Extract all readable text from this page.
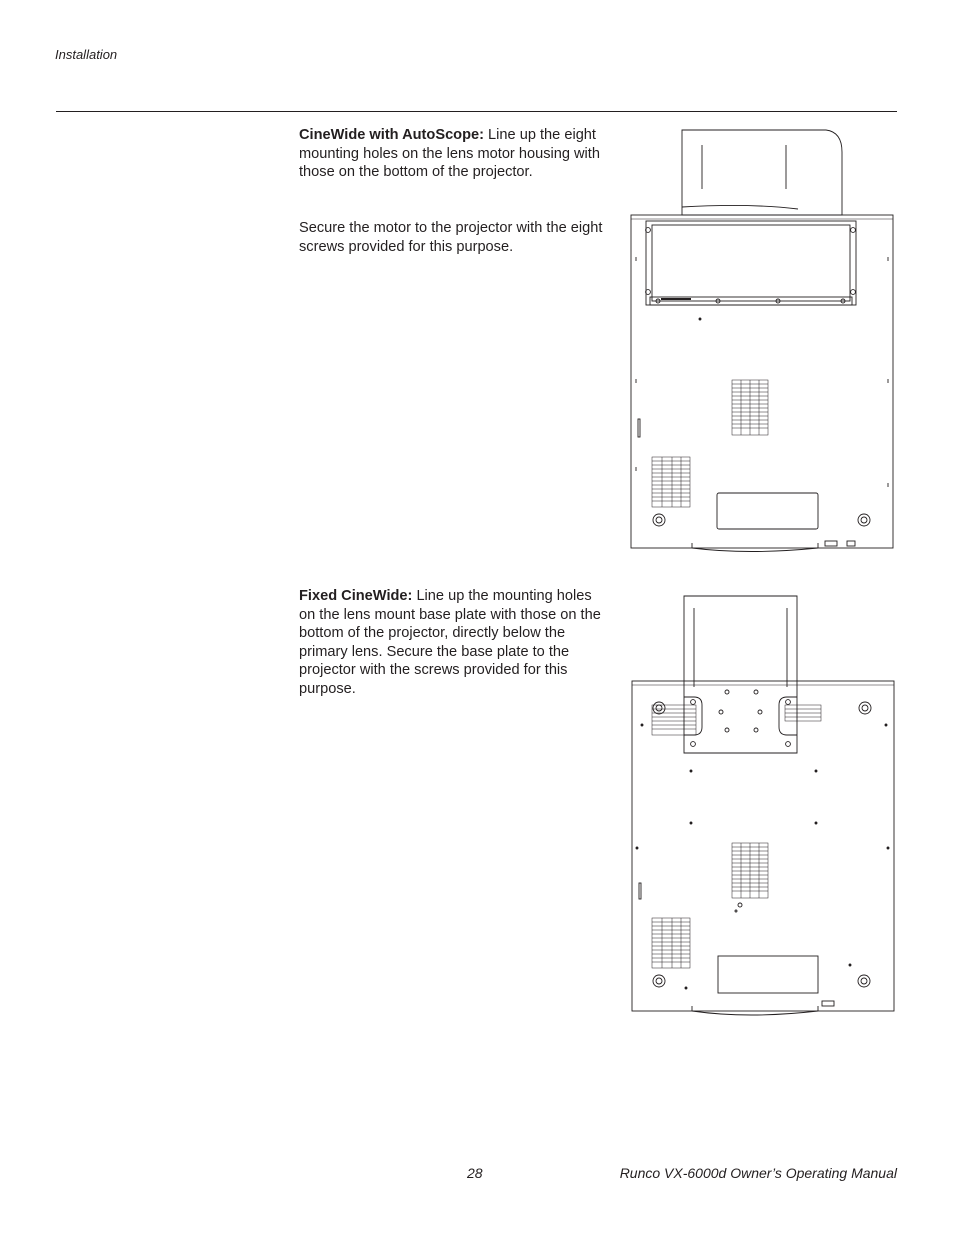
Installation

CineWide with AutoScope: Line up the eight mounting holes on the lens motor housing with those on the bottom of the projector.

Secure the motor to the projector with the eight screws provided for this purpose.

Fixed CineWide: Line up the mounting holes on the lens mount base plate with those on the bottom of the projector, directly below the primary lens. Secure the base plate to the projector with the screws provided for this purpose.

28	Runco VX-6000d Owner’s Operating Manual
